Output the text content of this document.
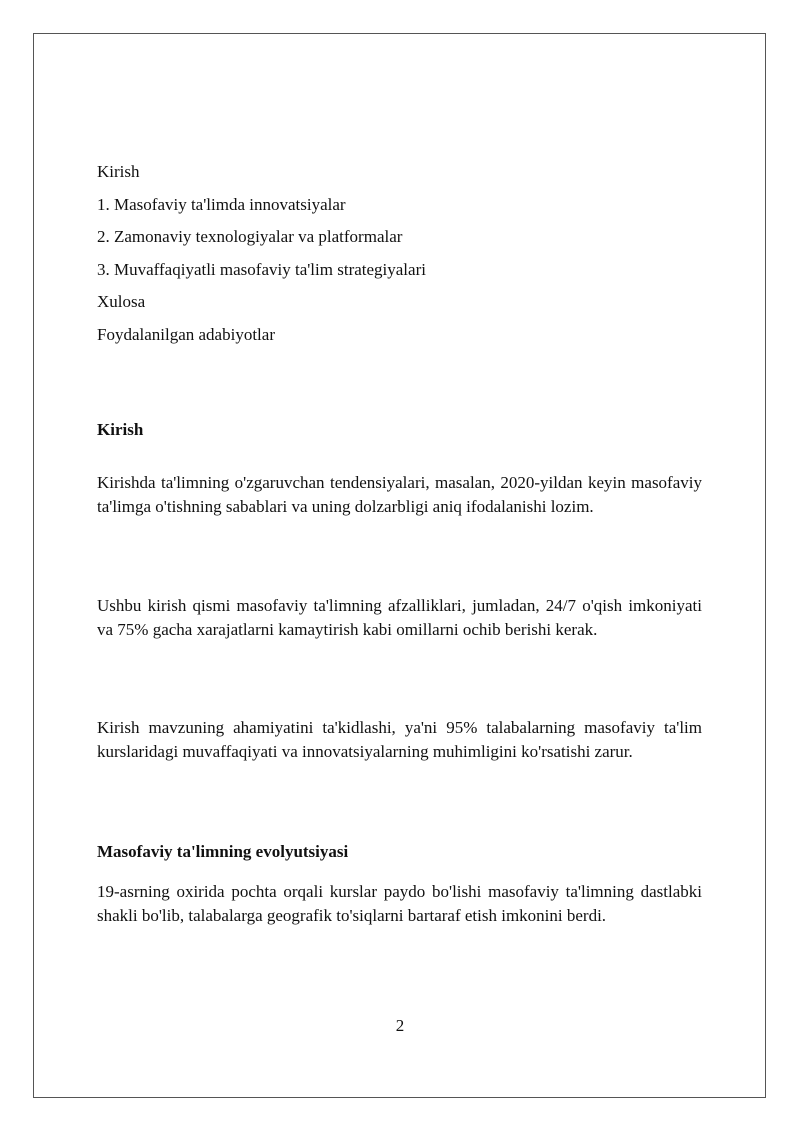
Kirish

1. Masofaviy ta'limda innovatsiyalar

2. Zamonaviy texnologiyalar va platformalar

3. Muvaffaqiyatli masofaviy ta'lim strategiyalari

Xulosa

Foydalanilgan adabiyotlar

Kirish

Kirishda ta'limning o'zgaruvchan tendensiyalari, masalan, 2020-yildan keyin masofaviy ta'limga o'tishning sabablari va uning dolzarbligi aniq ifodalanishi lozim.

Ushbu kirish qismi masofaviy ta'limning afzalliklari, jumladan, 24/7 o'qish imkoniyati va 75% gacha xarajatlarni kamaytirish kabi omillarni ochib berishi kerak.

Kirish mavzuning ahamiyatini ta'kidlashi, ya'ni 95% talabalarning masofaviy ta'lim kurslaridagi muvaffaqiyati va innovatsiyalarning muhimligini ko'rsatishi zarur.

Masofaviy ta'limning evolyutsiyasi

19-asrning oxirida pochta orqali kurslar paydo bo'lishi masofaviy ta'limning dastlabki shakli bo'lib, talabalarga geografik to'siqlarni bartaraf etish imkonini berdi.

2
